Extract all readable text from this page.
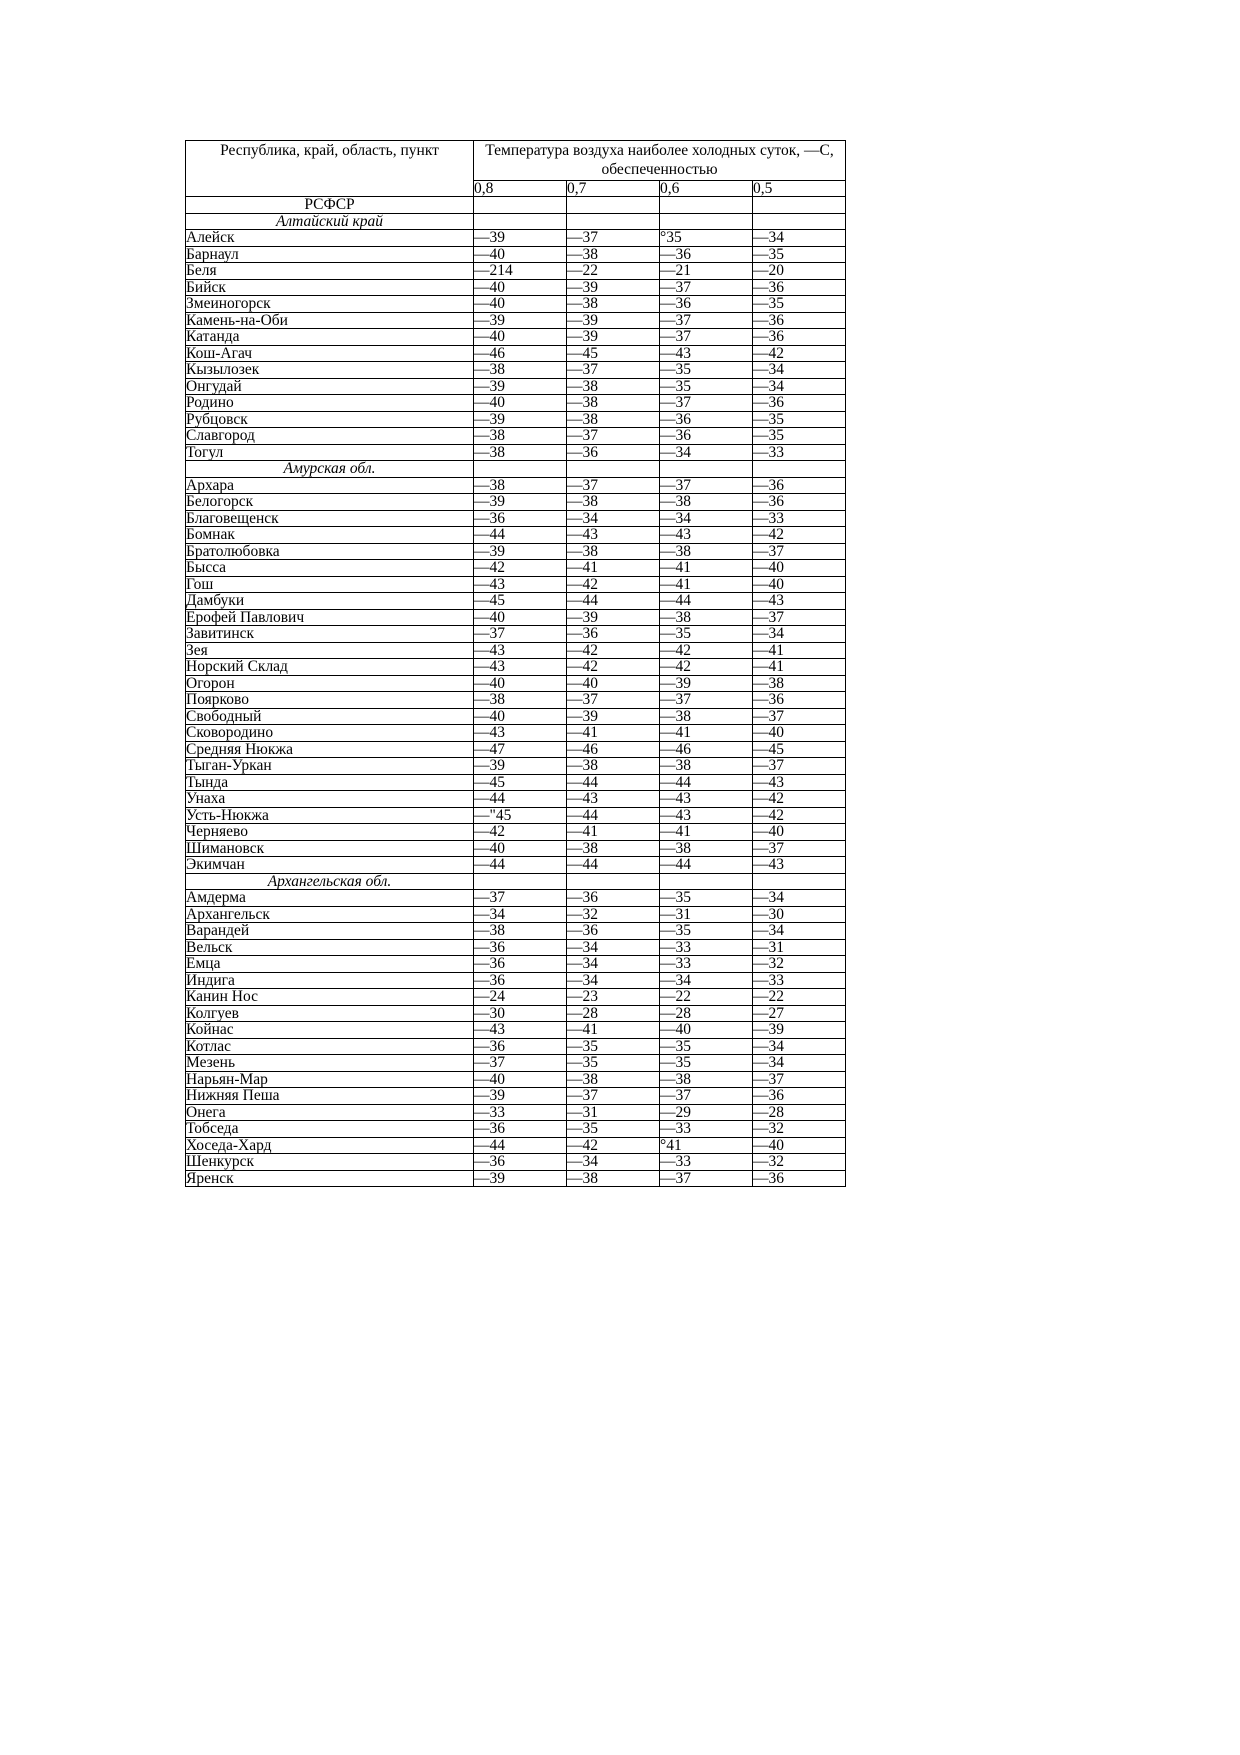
Республика, край, область, пункт	Температура воздуха наиболее холодных суток, —С, обеспеченностью			
	0,8	0,7	0,6	0,5
РСФСР				
Алтайский край				
Алейск	—39	—37	°35	—34
Барнаул	—40	—38	—36	—35
Беля	—214	—22	—21	—20
Бийск	—40	—39	—37	—36
Змеиногорск	—40	—38	—36	—35
Камень-на-Оби	—39	—39	—37	—36
Катанда	—40	—39	—37	—36
Кош-Агач	—46	—45	—43	—42
Кызылозек	—38	—37	—35	—34
Онгудай	—39	—38	—35	—34
Родино	—40	—38	—37	—36
Рубцовск	—39	—38	—36	—35
Славгород	—38	—37	—36	—35
Тогул	—38	—36	—34	—33
Амурская обл.				
Архара	—38	—37	—37	—36
Белогорск	—39	—38	—38	—36
Благовещенск	—36	—34	—34	—33
Бомнак	—44	—43	—43	—42
Братолюбовка	—39	—38	—38	—37
Быссa	—42	—41	—41	—40
Гош	—43	—42	—41	—40
Дамбуки	—45	—44	—44	—43
Ерофей Павлович	—40	—39	—38	—37
Завитинск	—37	—36	—35	—34
Зея	—43	—42	—42	—41
Норский Склад	—43	—42	—42	—41
Огорон	—40	—40	—39	—38
Поярково	—38	—37	—37	—36
Свободный	—40	—39	—38	—37
Сковородино	—43	—41	—41	—40
Средняя Нюкжа	—47	—46	—46	—45
Тыган-Уркан	—39	—38	—38	—37
Тында	—45	—44	—44	—43
Унаха	—44	—43	—43	—42
Усть-Нюкжа	—"45	—44	—43	—42
Черняево	—42	—41	—41	—40
Шимановск	—40	—38	—38	—37
Экимчан	—44	—44	—44	—43
Архангельская обл.				
Амдерма	—37	—36	—35	—34
Архангельск	—34	—32	—31	—30
Варандей	—38	—36	—35	—34
Вельск	—36	—34	—33	—31
Емца	—36	—34	—33	—32
Индига	—36	—34	—34	—33
Канин Нос	—24	—23	—22	—22
Колгуев	—30	—28	—28	—27
Койнас	—43	—41	—40	—39
Котлас	—36	—35	—35	—34
Мезень	—37	—35	—35	—34
Нарьян-Мар	—40	—38	—38	—37
Нижняя Пеша	—39	—37	—37	—36
Онега	—33	—31	—29	—28
Тобседа	—36	—35	—33	—32
Хоседа-Хард	—44	—42	°41	—40
Шенкурск	—36	—34	—33	—32
Яренск	—39	—38	—37	—36
